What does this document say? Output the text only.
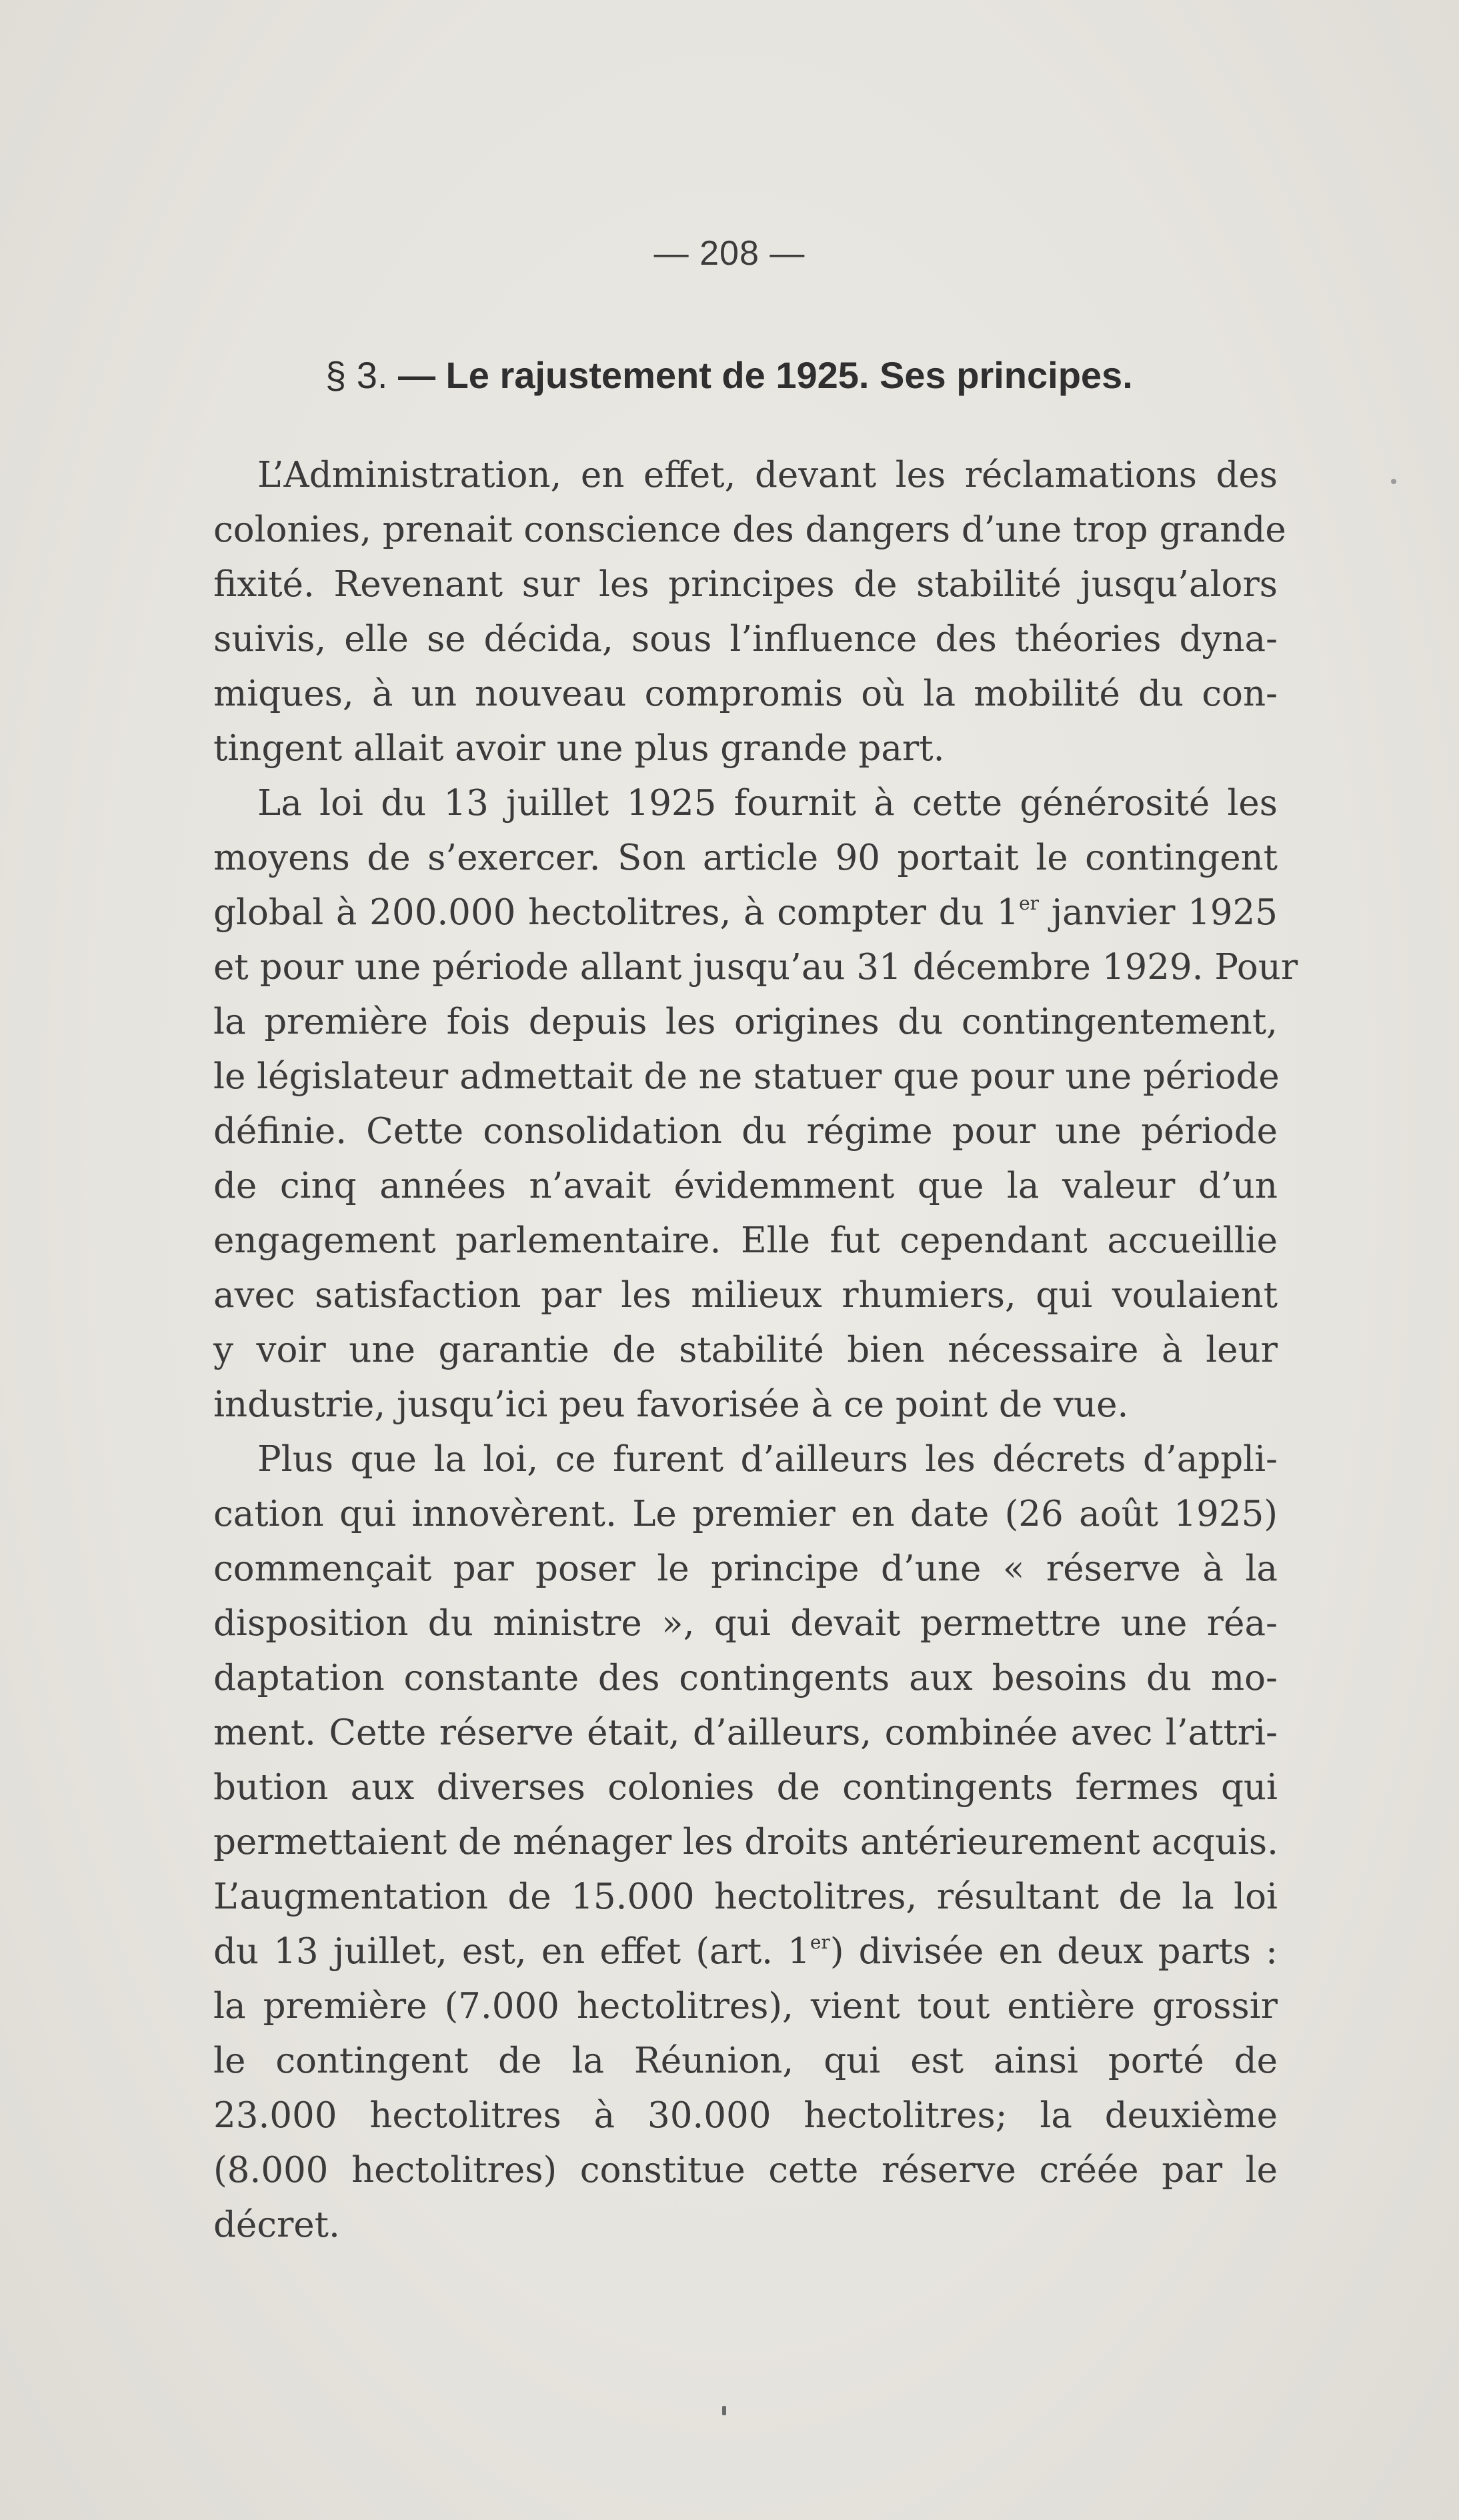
— 208 —
§ 3. — Le rajustement de 1925. Ses principes.
L’Administration, en effet, devant les réclamations des
colonies, prenait conscience des dangers d’une trop grande
fixité. Revenant sur les principes de stabilité jusqu’alors
suivis, elle se décida, sous l’influence des théories dyna-
miques, à un nouveau compromis où la mobilité du con-
tingent allait avoir une plus grande part.
La loi du 13 juillet 1925 fournit à cette générosité les
moyens de s’exercer. Son article 90 portait le contingent
global à 200.000 hectolitres, à compter du 1er janvier 1925
et pour une période allant jusqu’au 31 décembre 1929. Pour
la première fois depuis les origines du contingentement,
le législateur admettait de ne statuer que pour une période
définie. Cette consolidation du régime pour une période
de cinq années n’avait évidemment que la valeur d’un
engagement parlementaire. Elle fut cependant accueillie
avec satisfaction par les milieux rhumiers, qui voulaient
y voir une garantie de stabilité bien nécessaire à leur
industrie, jusqu’ici peu favorisée à ce point de vue.
Plus que la loi, ce furent d’ailleurs les décrets d’appli-
cation qui innovèrent. Le premier en date (26 août 1925)
commençait par poser le principe d’une « réserve à la
disposition du ministre », qui devait permettre une réa-
daptation constante des contingents aux besoins du mo-
ment. Cette réserve était, d’ailleurs, combinée avec l’attri-
bution aux diverses colonies de contingents fermes qui
permettaient de ménager les droits antérieurement acquis.
L’augmentation de 15.000 hectolitres, résultant de la loi
du 13 juillet, est, en effet (art. 1er) divisée en deux parts :
la première (7.000 hectolitres), vient tout entière grossir
le contingent de la Réunion, qui est ainsi porté de
23.000 hectolitres à 30.000 hectolitres; la deuxième
(8.000 hectolitres) constitue cette réserve créée par le
décret.
